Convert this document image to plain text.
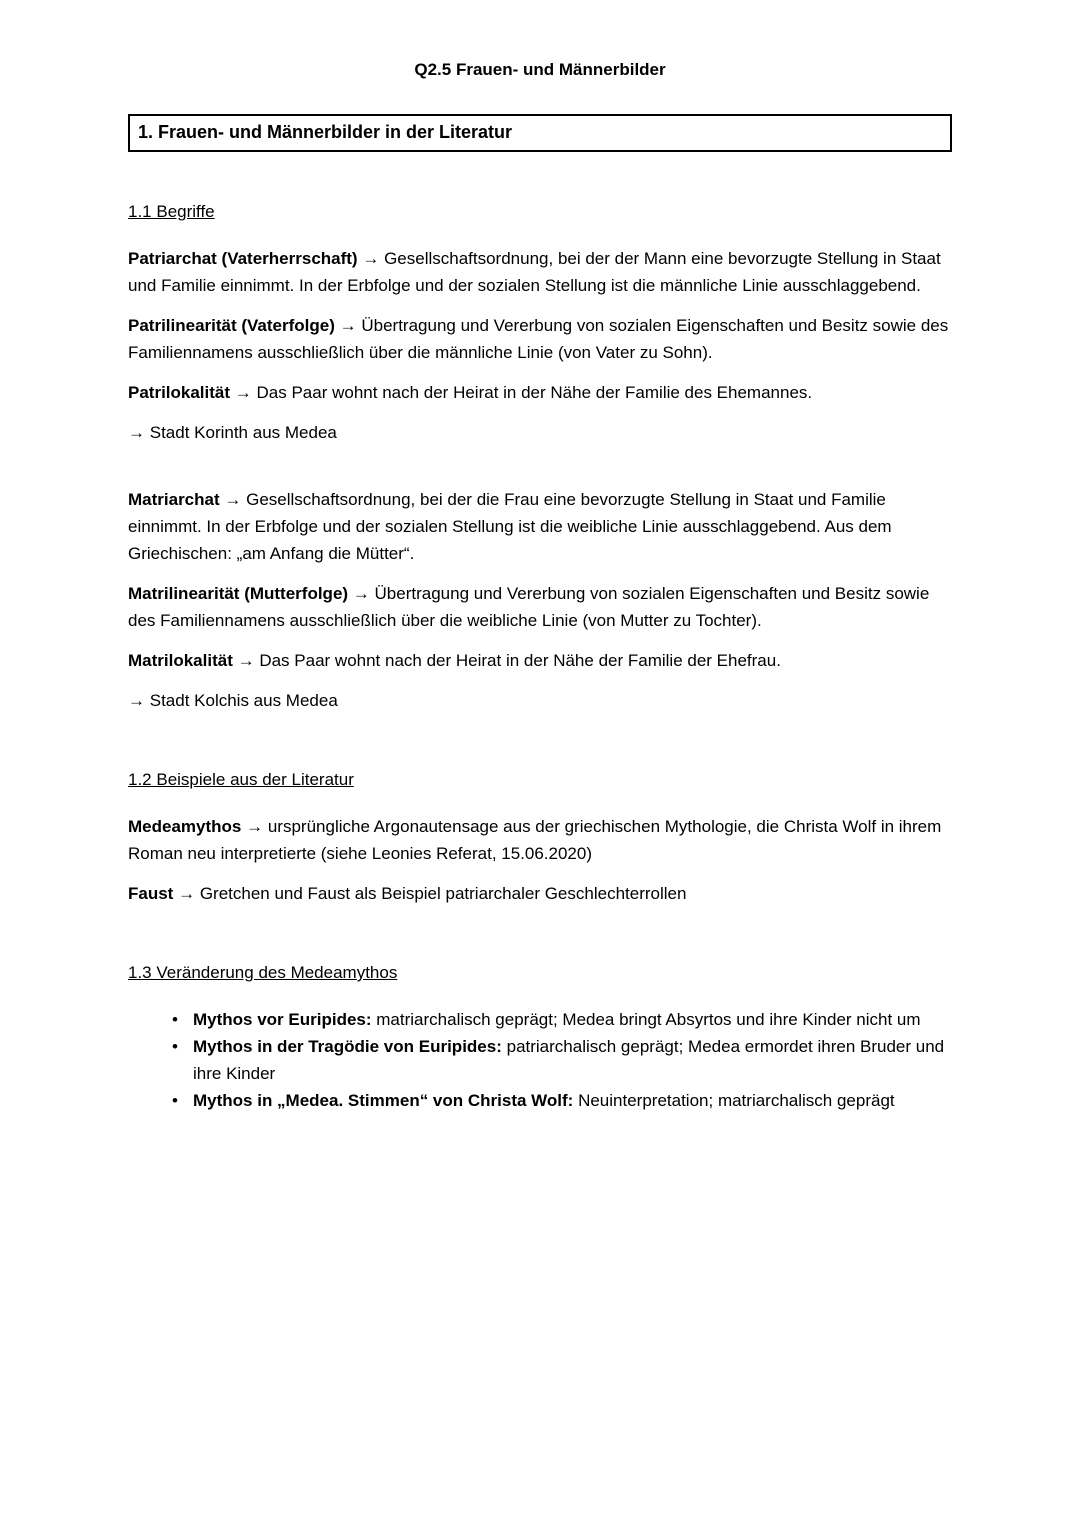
Q2.5 Frauen- und Männerbilder
1. Frauen- und Männerbilder in der Literatur
1.1 Begriffe

Patriarchat (Vaterherrschaft) → Gesellschaftsordnung, bei der der Mann eine bevorzugte Stellung in Staat und Familie einnimmt. In der Erbfolge und der sozialen Stellung ist die männliche Linie ausschlaggebend.

Patrilinearität (Vaterfolge) → Übertragung und Vererbung von sozialen Eigenschaften und Besitz sowie des Familiennamens ausschließlich über die männliche Linie (von Vater zu Sohn).

Patrilokalität → Das Paar wohnt nach der Heirat in der Nähe der Familie des Ehemannes.

→ Stadt Korinth aus Medea

Matriarchat → Gesellschaftsordnung, bei der die Frau eine bevorzugte Stellung in Staat und Familie einnimmt. In der Erbfolge und der sozialen Stellung ist die weibliche Linie ausschlaggebend. Aus dem Griechischen: „am Anfang die Mütter“.

Matrilinearität (Mutterfolge) → Übertragung und Vererbung von sozialen Eigenschaften und Besitz sowie des Familiennamens ausschließlich über die weibliche Linie (von Mutter zu Tochter).

Matrilokalität → Das Paar wohnt nach der Heirat in der Nähe der Familie der Ehefrau.

→ Stadt Kolchis aus Medea

1.2 Beispiele aus der Literatur

Medeamythos → ursprüngliche Argonautensage aus der griechischen Mythologie, die Christa Wolf in ihrem Roman neu interpretierte (siehe Leonies Referat, 15.06.2020)

Faust → Gretchen und Faust als Beispiel patriarchaler Geschlechterrollen

1.3 Veränderung des Medeamythos
• Mythos vor Euripides: matriarchalisch geprägt; Medea bringt Absyrtos und ihre Kinder nicht um
• Mythos in der Tragödie von Euripides: patriarchalisch geprägt; Medea ermordet ihren Bruder und ihre Kinder
• Mythos in „Medea. Stimmen“ von Christa Wolf: Neuinterpretation; matriarchalisch geprägt
